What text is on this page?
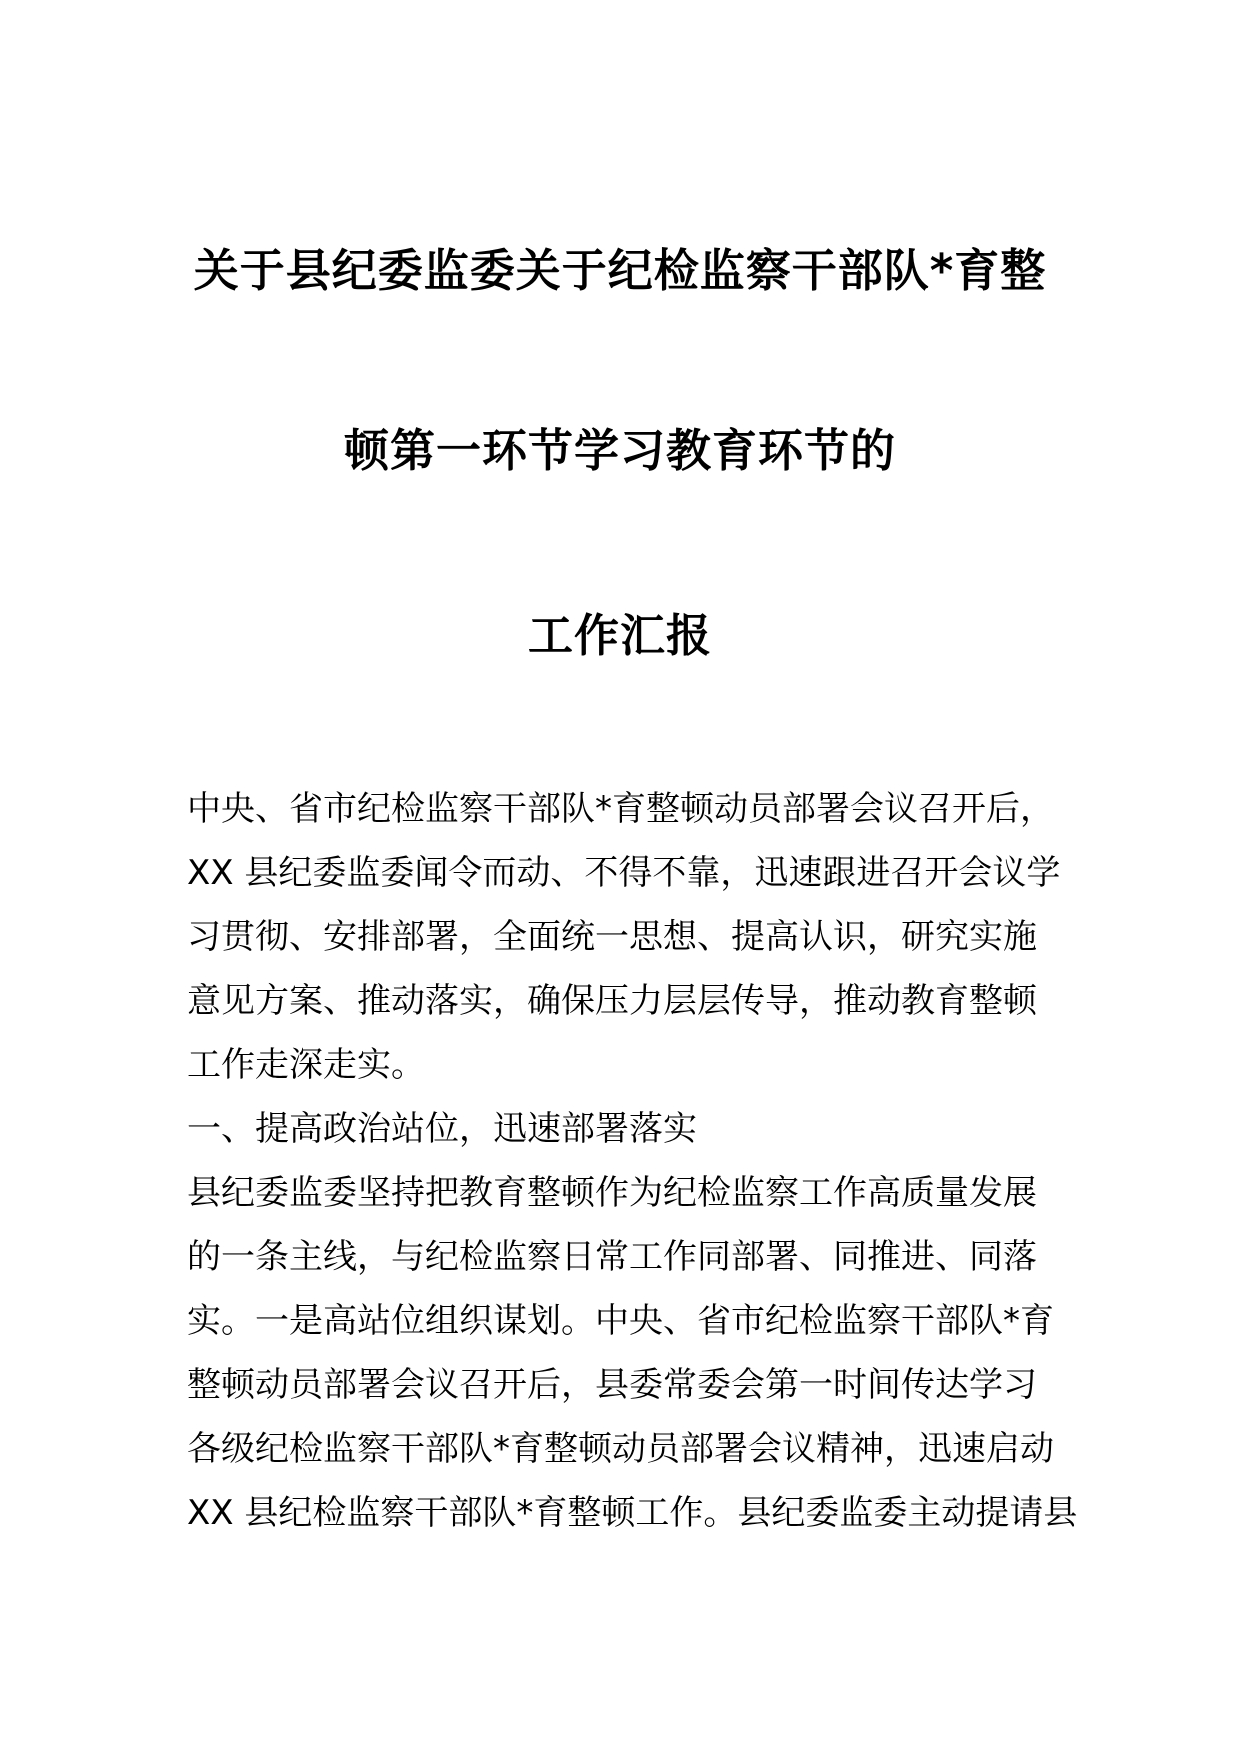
关于县纪委监委关于纪检监察干部队*育整
顿第一环节学习教育环节的
工作汇报
中央、省市纪检监察干部队*育整顿动员部署会议召开后，
XX 县纪委监委闻令而动、不得不靠，迅速跟进召开会议学
习贯彻、安排部署，全面统一思想、提高认识，研究实施
意见方案、推动落实，确保压力层层传导，推动教育整顿
工作走深走实。
一、提高政治站位，迅速部署落实
县纪委监委坚持把教育整顿作为纪检监察工作高质量发展
的一条主线，与纪检监察日常工作同部署、同推进、同落
实。一是高站位组织谋划。中央、省市纪检监察干部队*育
整顿动员部署会议召开后，县委常委会第一时间传达学习
各级纪检监察干部队*育整顿动员部署会议精神，迅速启动
XX 县纪检监察干部队*育整顿工作。县纪委监委主动提请县
